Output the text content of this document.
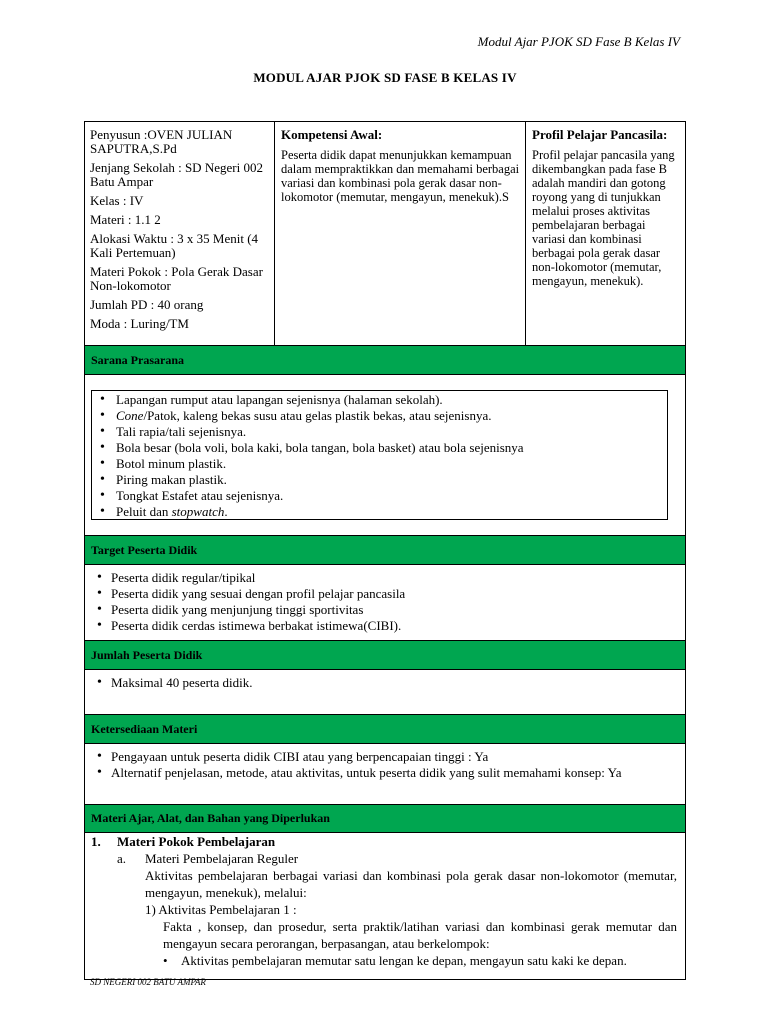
Modul Ajar PJOK SD Fase B Kelas IV
MODUL AJAR PJOK SD FASE B KELAS IV

Penyusun :OVEN JULIAN SAPUTRA,S.Pd

Jenjang Sekolah : SD Negeri 002 Batu Ampar

Kelas : IV

Materi : 1.1 2

Alokasi Waktu : 3 x 35 Menit (4 Kali Pertemuan)

Materi Pokok : Pola Gerak Dasar Non-lokomotor

Jumlah PD : 40 orang

Moda : Luring/TM

Kompetensi Awal:
Peserta didik dapat menunjukkan kemampuan dalam mempraktikkan dan memahami berbagai variasi dan kombinasi pola gerak dasar non-lokomotor (memutar, mengayun, menekuk).S
Profil Pelajar Pancasila:
Profil pelajar pancasila yang dikembangkan pada fase B adalah mandiri dan gotong royong yang di tunjukkan melalui proses aktivitas pembelajaran berbagai variasi dan kombinasi berbagai pola gerak dasar non-lokomotor (memutar, mengayun, menekuk).
Sarana Prasarana
• Lapangan rumput atau lapangan sejenisnya (halaman sekolah).
• Cone/Patok, kaleng bekas susu atau gelas plastik bekas, atau sejenisnya.
• Tali rapia/tali sejenisnya.
• Bola besar (bola voli, bola kaki, bola tangan, bola basket) atau bola sejenisnya
• Botol minum plastik.
• Piring makan plastik.
• Tongkat Estafet atau sejenisnya.
• Peluit dan stopwatch.
Target Peserta Didik
• Peserta didik regular/tipikal
• Peserta didik yang sesuai dengan profil pelajar pancasila
• Peserta didik yang menjunjung tinggi sportivitas
• Peserta didik cerdas istimewa berbakat istimewa(CIBI).
Jumlah Peserta Didik
• Maksimal 40 peserta didik.
Ketersediaan Materi
• Pengayaan untuk peserta didik CIBI atau yang berpencapaian tinggi : Ya
• Alternatif penjelasan, metode, atau aktivitas, untuk peserta didik yang sulit memahami konsep: Ya
Materi Ajar, Alat, dan Bahan yang Diperlukan
1.	Materi Pokok Pembelajaran
a.	Materi Pembelajaran Reguler
Aktivitas pembelajaran berbagai variasi dan kombinasi pola gerak dasar non-lokomotor (memutar, mengayun, menekuk), melalui:
1) Aktivitas Pembelajaran 1 :
Fakta , konsep, dan prosedur, serta praktik/latihan variasi dan kombinasi gerak memutar dan mengayun secara perorangan, berpasangan, atau berkelompok:
•	Aktivitas pembelajaran memutar satu lengan ke depan, mengayun satu kaki ke depan.
SD NEGERI 002 BATU AMPAR
